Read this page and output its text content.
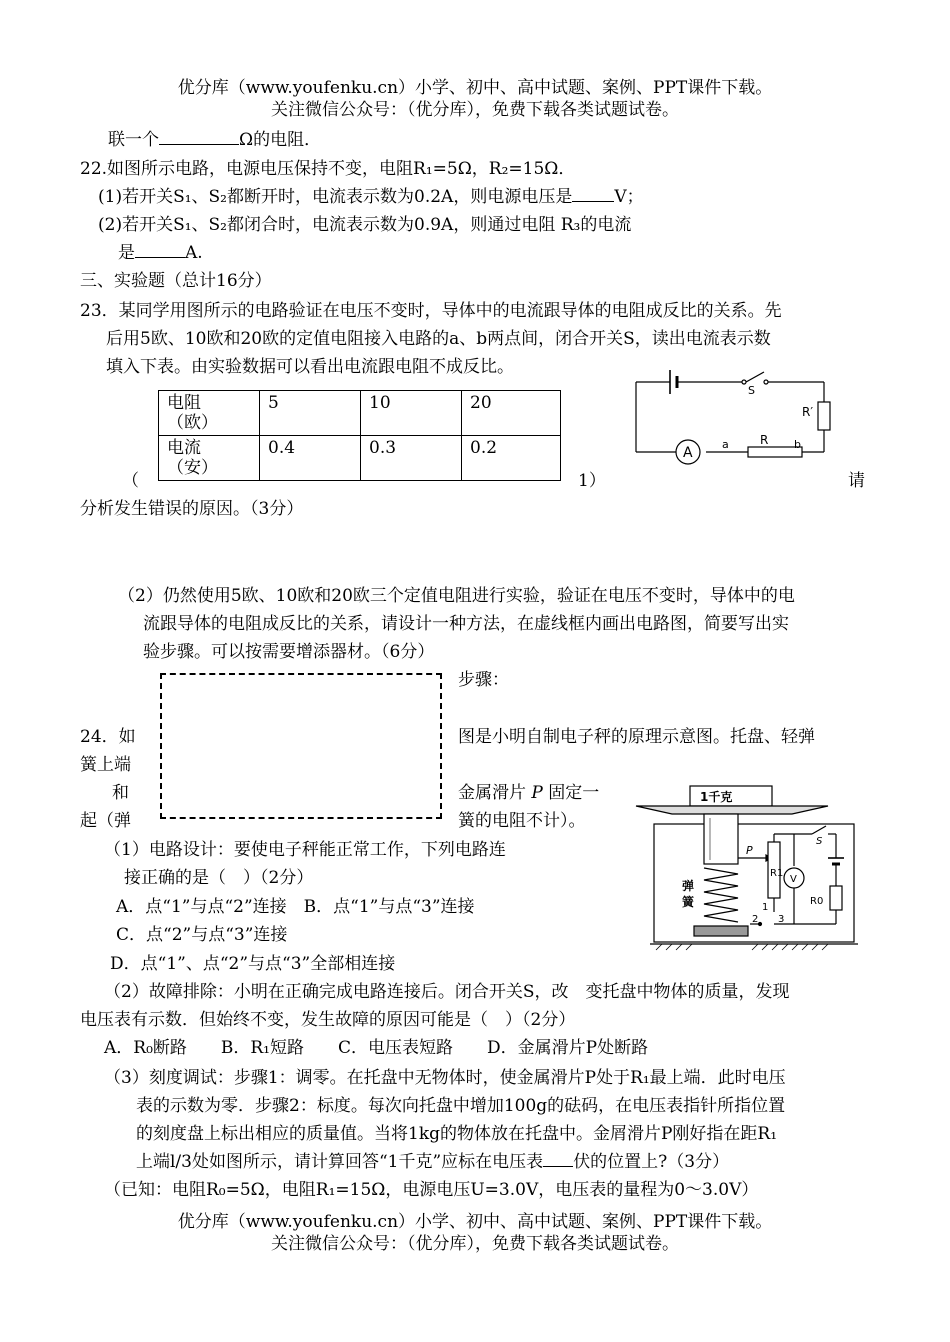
优分库（www.youfenku.cn）小学、初中、高中试题、案例、PPT课件下载。
关注微信公众号：（优分库），免费下载各类试题试卷。
联一个	Ω的电阻．
22.如图所示电路，电源电压保持不变，电阻R₁=5Ω，R₂=15Ω．
(1)若开关S₁、S₂都断开时，电流表示数为0.2A，则电源电压是 V；
(2)若开关S₁、S₂都闭合时，电流表示数为0.9A，则通过电阻 R₃的电流
是	A.
三、实验题（总计16分）
23．某同学用图所示的电路验证在电压不变时，导体中的电流跟导体的电阻成反比的关系。先
后用5欧、10欧和20欧的定值电阻接入电路的a、b两点间，闭合开关S，读出电流表示数
填入下表。由实验数据可以看出电流跟电阻不成反比。
电阻
（欧）	5	10	20

电流
（安）	0.4	0.3	0.2
S
R′
A
a	R b
（	1）	请
分析发生错误的原因。（3分）
（2）仍然使用5欧、10欧和20欧三个定值电阻进行实验，验证在电压不变时，导体中的电
流跟导体的电阻成反比的关系，请设计一种方法，在虚线框内画出电路图，简要写出实
验步骤。可以按需要增添器材。（6分）
步骤：
24．如	图是小明自制电子秤的原理示意图。托盘、轻弹
簧上端
和	金属滑片 P 固定一
起（弹	簧的电阻不计）。
（1）电路设计：要使电子秤能正常工作，下列电路连
接正确的是（　）（2分）
A．点“1”与点“2”连接　B．点“1”与点“3”连接
C．点“2”与点“3”连接
D．点“1”、点“2”与点“3”全部相连接
1千克
P
R1
V
S
R0
弹
簧	1
2 3
（2）故障排除：小明在正确完成电路连接后。闭合开关S，改　变托盘中物体的质量，发现
电压表有示数．但始终不变，发生故障的原因可能是（　）（2分）
A．R₀断路　　B．R₁短路　　C．电压表短路　　D．金属滑片P处断路
（3）刻度调试：步骤1：调零。在托盘中无物体时，使金属滑片P处于R₁最上端．此时电压
表的示数为零．步骤2：标度。每次向托盘中增加100g的砝码，在电压表指针所指位置
的刻度盘上标出相应的质量值。当将1kg的物体放在托盘中。金屑滑片P刚好指在距R₁
上端l/3处如图所示，请计算回答“1千克”应标在电压表 伏的位置上?（3分）
（已知：电阻R₀=5Ω，电阻R₁=15Ω，电源电压U=3.0V，电压表的量程为0～3.0V）
优分库（www.youfenku.cn）小学、初中、高中试题、案例、PPT课件下载。
关注微信公众号：（优分库），免费下载各类试题试卷。
